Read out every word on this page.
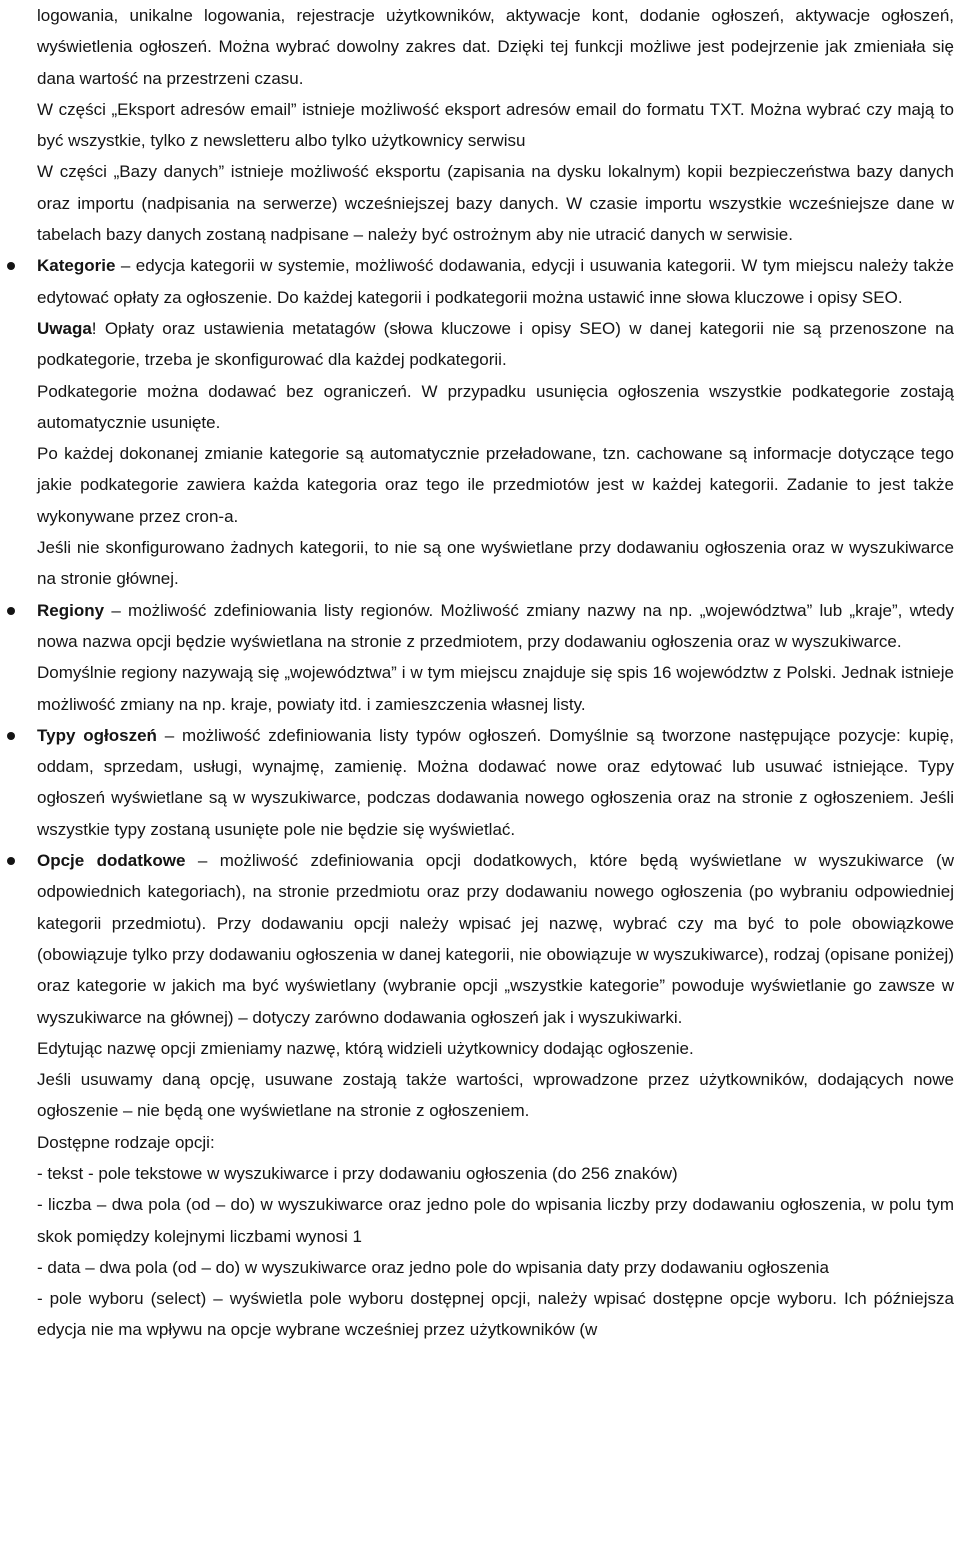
logowania, unikalne logowania, rejestracje użytkowników, aktywacje kont, dodanie ogłoszeń, aktywacje ogłoszeń, wyświetlenia ogłoszeń. Można wybrać dowolny zakres dat. Dzięki tej funkcji możliwe jest podejrzenie jak zmieniała się dana wartość na przestrzeni czasu.

W części „Eksport adresów email” istnieje możliwość eksport adresów email do formatu TXT. Można wybrać czy mają to być wszystkie, tylko z newsletteru albo tylko użytkownicy serwisu

W części „Bazy danych” istnieje możliwość eksportu (zapisania na dysku lokalnym) kopii bezpieczeństwa bazy danych oraz importu (nadpisania na serwerze) wcześniejszej bazy danych. W czasie importu wszystkie wcześniejsze dane w tabelach bazy danych zostaną nadpisane – należy być ostrożnym aby nie utracić danych w serwisie.

Kategorie – edycja kategorii w systemie, możliwość dodawania, edycji i usuwania kategorii. W tym miejscu należy także edytować opłaty za ogłoszenie. Do każdej kategorii i podkategorii można ustawić inne słowa kluczowe i opisy SEO.

Uwaga! Opłaty oraz ustawienia metatagów (słowa kluczowe i opisy SEO) w danej kategorii nie są przenoszone na podkategorie, trzeba je skonfigurować dla każdej podkategorii.

Podkategorie można dodawać bez ograniczeń. W przypadku usunięcia ogłoszenia wszystkie podkategorie zostają automatycznie usunięte.

Po każdej dokonanej zmianie kategorie są automatycznie przeładowane, tzn. cachowane są informacje dotyczące tego jakie podkategorie zawiera każda kategoria oraz tego ile przedmiotów jest w każdej kategorii. Zadanie to jest także wykonywane przez cron-a.

Jeśli nie skonfigurowano żadnych kategorii, to nie są one wyświetlane przy dodawaniu ogłoszenia oraz w wyszukiwarce na stronie głównej.

Regiony – możliwość zdefiniowania listy regionów. Możliwość zmiany nazwy na np. „województwa” lub „kraje”, wtedy nowa nazwa opcji będzie wyświetlana na stronie z przedmiotem, przy dodawaniu ogłoszenia oraz w wyszukiwarce.

Domyślnie regiony nazywają się „województwa” i w tym miejscu znajduje się spis 16 województw z Polski. Jednak istnieje możliwość zmiany na np. kraje, powiaty itd. i zamieszczenia własnej listy.

Typy ogłoszeń – możliwość zdefiniowania listy typów ogłoszeń. Domyślnie są tworzone następujące pozycje: kupię, oddam, sprzedam, usługi, wynajmę, zamienię. Można dodawać nowe oraz edytować lub usuwać istniejące. Typy ogłoszeń wyświetlane są w wyszukiwarce, podczas dodawania nowego ogłoszenia oraz na stronie z ogłoszeniem. Jeśli wszystkie typy zostaną usunięte pole nie będzie się wyświetlać.

Opcje dodatkowe – możliwość zdefiniowania opcji dodatkowych, które będą wyświetlane w wyszukiwarce (w odpowiednich kategoriach), na stronie przedmiotu oraz przy dodawaniu nowego ogłoszenia (po wybraniu odpowiedniej kategorii przedmiotu). Przy dodawaniu opcji należy wpisać jej nazwę, wybrać czy ma być to pole obowiązkowe (obowiązuje tylko przy dodawaniu ogłoszenia w danej kategorii, nie obowiązuje w wyszukiwarce), rodzaj (opisane poniżej) oraz kategorie w jakich ma być wyświetlany (wybranie opcji „wszystkie kategorie” powoduje wyświetlanie go zawsze w wyszukiwarce na głównej) – dotyczy zarówno dodawania ogłoszeń jak i wyszukiwarki.

Edytując nazwę opcji zmieniamy nazwę, którą widzieli użytkownicy dodając ogłoszenie.

Jeśli usuwamy daną opcję, usuwane zostają także wartości, wprowadzone przez użytkowników, dodających nowe ogłoszenie – nie będą one wyświetlane na stronie z ogłoszeniem.

Dostępne rodzaje opcji:

- tekst - pole tekstowe w wyszukiwarce i przy dodawaniu ogłoszenia (do 256 znaków)

- liczba – dwa pola (od – do) w wyszukiwarce oraz jedno pole do wpisania liczby przy dodawaniu ogłoszenia, w polu tym skok pomiędzy kolejnymi liczbami wynosi 1

- data – dwa pola (od – do) w wyszukiwarce oraz jedno pole do wpisania daty przy dodawaniu ogłoszenia

- pole wyboru (select) – wyświetla pole wyboru dostępnej opcji, należy wpisać dostępne opcje wyboru. Ich późniejsza edycja nie ma wpływu na opcje wybrane wcześniej przez użytkowników (w
